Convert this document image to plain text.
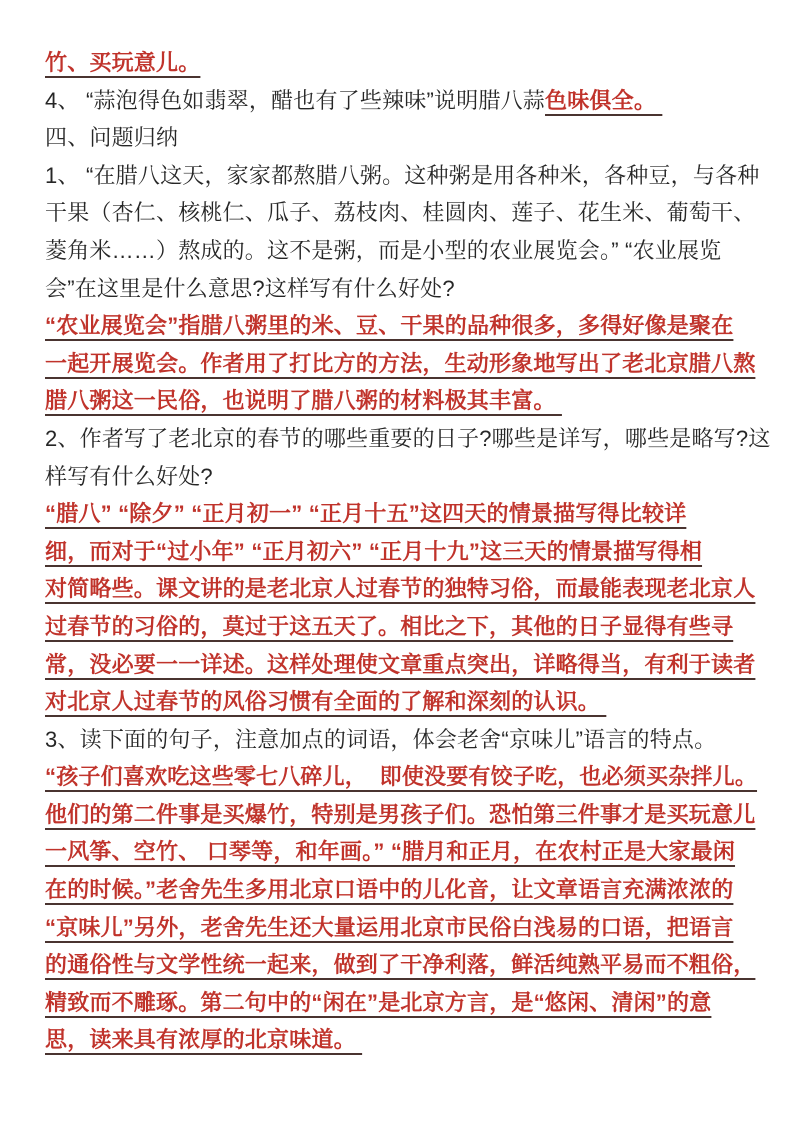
竹、买玩意儿。
4、 “蒜泡得色如翡翠，醋也有了些辣味”说明腊八蒜色味俱全。
四、问题归纳
1、 “在腊八这天，家家都熬腊八粥。这种粥是用各种米，各种豆，与各种
干果（杏仁、核桃仁、瓜子、荔枝肉、桂圆肉、莲子、花生米、葡萄干、
菱角米……）熬成的。这不是粥，而是小型的农业展览会。” “农业展览
会”在这里是什么意思?这样写有什么好处?
“农业展览会”指腊八粥里的米、豆、干果的品种很多，多得好像是聚在
一起开展览会。作者用了打比方的方法，生动形象地写出了老北京腊八熬
腊八粥这一民俗，也说明了腊八粥的材料极其丰富。
2、作者写了老北京的春节的哪些重要的日子?哪些是详写，哪些是略写?这
样写有什么好处?
“腊八” “除夕” “正月初一” “正月十五”这四天的情景描写得比较详
细，而对于“过小年” “正月初六” “正月十九”这三天的情景描写得相
对简略些。课文讲的是老北京人过春节的独特习俗，而最能表现老北京人
过春节的习俗的，莫过于这五天了。相比之下，其他的日子显得有些寻
常，没必要一一详述。这样处理使文章重点突出，详略得当，有利于读者
对北京人过春节的风俗习惯有全面的了解和深刻的认识。
3、读下面的句子，注意加点的词语，体会老舍“京味儿”语言的特点。
“孩子们喜欢吃这些零七八碎儿，  即使没要有饺子吃，也必须买杂拌儿。
他们的第二件事是买爆竹，特别是男孩子们。恐怕第三件事才是买玩意儿
一风筝、空竹、 口琴等，和年画。” “腊月和正月，在农村正是大家最闲
在的时候。”老舍先生多用北京口语中的儿化音，让文章语言充满浓浓的
“京味儿”另外，老舍先生还大量运用北京市民俗白浅易的口语，把语言
的通俗性与文学性统一起来，做到了干净利落，鲜活纯熟平易而不粗俗，
精致而不雕琢。第二句中的“闲在”是北京方言，是“悠闲、清闲”的意
思，读来具有浓厚的北京味道。
